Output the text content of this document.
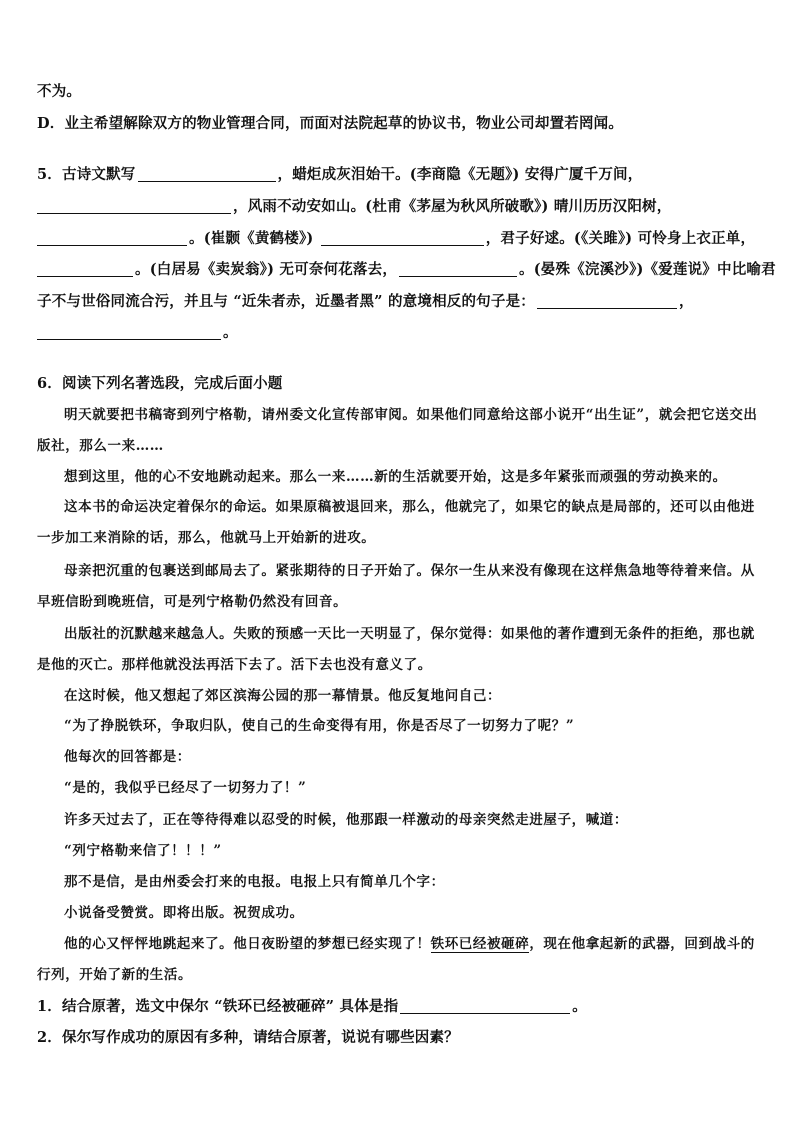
不为。
D．业主希望解除双方的物业管理合同，而面对法院起草的协议书，物业公司却置若罔闻。
5．古诗文默写	，蜡炬成灰泪始干。(李商隐《无题》) 安得广厦千万间，
，风雨不动安如山。(杜甫《茅屋为秋风所破歌》) 晴川历历汉阳树，
。(崔颢《黄鹤楼》)	，君子好逑。(《关雎》) 可怜身上衣正单，
。(白居易《卖炭翁》) 无可奈何花落去，	。(晏殊《浣溪沙》)《爱莲说》中比喻君
子不与世俗同流合污，并且与 “近朱者赤，近墨者黑” 的意境相反的句子是：	，
。
6．阅读下列名著选段，完成后面小题
明天就要把书稿寄到列宁格勒，请州委文化宣传部审阅。如果他们同意给这部小说开“出生证”，就会把它送交出
版社，那么一来……
想到这里，他的心不安地跳动起来。那么一来……新的生活就要开始，这是多年紧张而顽强的劳动换来的。
这本书的命运决定着保尔的命运。如果原稿被退回来，那么，他就完了，如果它的缺点是局部的，还可以由他进
一步加工来消除的话，那么，他就马上开始新的进攻。
母亲把沉重的包裹送到邮局去了。紧张期待的日子开始了。保尔一生从来没有像现在这样焦急地等待着来信。从
早班信盼到晚班信，可是列宁格勒仍然没有回音。
出版社的沉默越来越急人。失败的预感一天比一天明显了，保尔觉得：如果他的著作遭到无条件的拒绝，那也就
是他的灭亡。那样他就没法再活下去了。活下去也没有意义了。
在这时候，他又想起了郊区滨海公园的那一幕情景。他反复地问自己：
“为了挣脱铁环，争取归队，使自己的生命变得有用，你是否尽了一切努力了呢？”
他每次的回答都是：
“是的，我似乎已经尽了一切努力了！”
许多天过去了，正在等待得难以忍受的时候，他那跟一样激动的母亲突然走进屋子，喊道：
“列宁格勒来信了！！！”
那不是信，是由州委会打来的电报。电报上只有简单几个字：
小说备受赞赏。即将出版。祝贺成功。
他的心又怦怦地跳起来了。他日夜盼望的梦想已经实现了！铁环已经被砸碎，现在他拿起新的武器，回到战斗的
行列，开始了新的生活。
1．结合原著，选文中保尔 “铁环已经被砸碎” 具体是指	。
2．保尔写作成功的原因有多种，请结合原著，说说有哪些因素？
